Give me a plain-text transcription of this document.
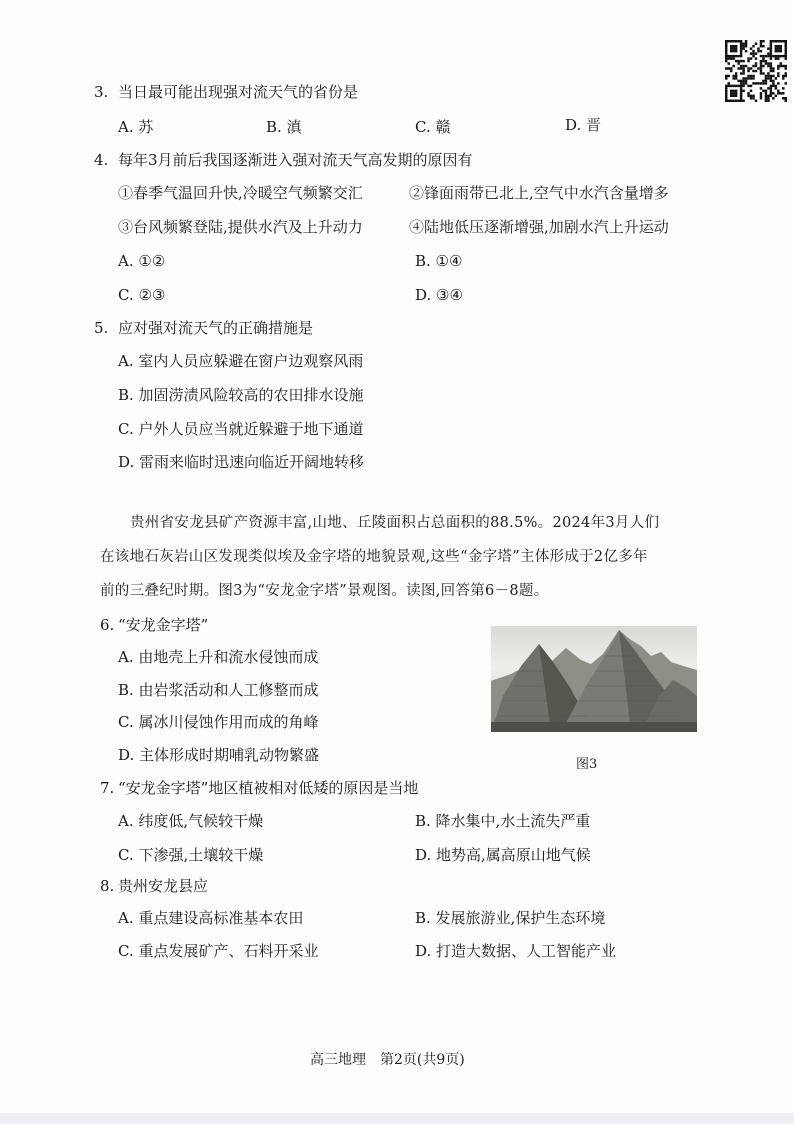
3. 当日最可能出现强对流天气的省份是
A. 苏	B. 滇	C. 赣	D. 晋
4. 每年3月前后我国逐渐进入强对流天气高发期的原因有
①春季气温回升快,冷暖空气频繁交汇	②锋面雨带已北上,空气中水汽含量增多
③台风频繁登陆,提供水汽及上升动力	④陆地低压逐渐增强,加剧水汽上升运动
A. ①②	B. ①④
C. ②③	D. ③④
5. 应对强对流天气的正确措施是
A. 室内人员应躲避在窗户边观察风雨
B. 加固涝渍风险较高的农田排水设施
C. 户外人员应当就近躲避于地下通道
D. 雷雨来临时迅速向临近开阔地转移
贵州省安龙县矿产资源丰富,山地、丘陵面积占总面积的88.5%。2024年3月人们
在该地石灰岩山区发现类似埃及金字塔的地貌景观,这些“金字塔”主体形成于2亿多年
前的三叠纪时期。图3为“安龙金字塔”景观图。读图,回答第6－8题。
6. “安龙金字塔”
A. 由地壳上升和流水侵蚀而成
B. 由岩浆活动和人工修整而成
C. 属冰川侵蚀作用而成的角峰
D. 主体形成时期哺乳动物繁盛
图3
7. “安龙金字塔”地区植被相对低矮的原因是当地
A. 纬度低,气候较干燥	B. 降水集中,水土流失严重
C. 下渗强,土壤较干燥	D. 地势高,属高原山地气候
8. 贵州安龙县应
A. 重点建设高标准基本农田	B. 发展旅游业,保护生态环境
C. 重点发展矿产、石料开采业	D. 打造大数据、人工智能产业
高三地理　第2页(共9页)
